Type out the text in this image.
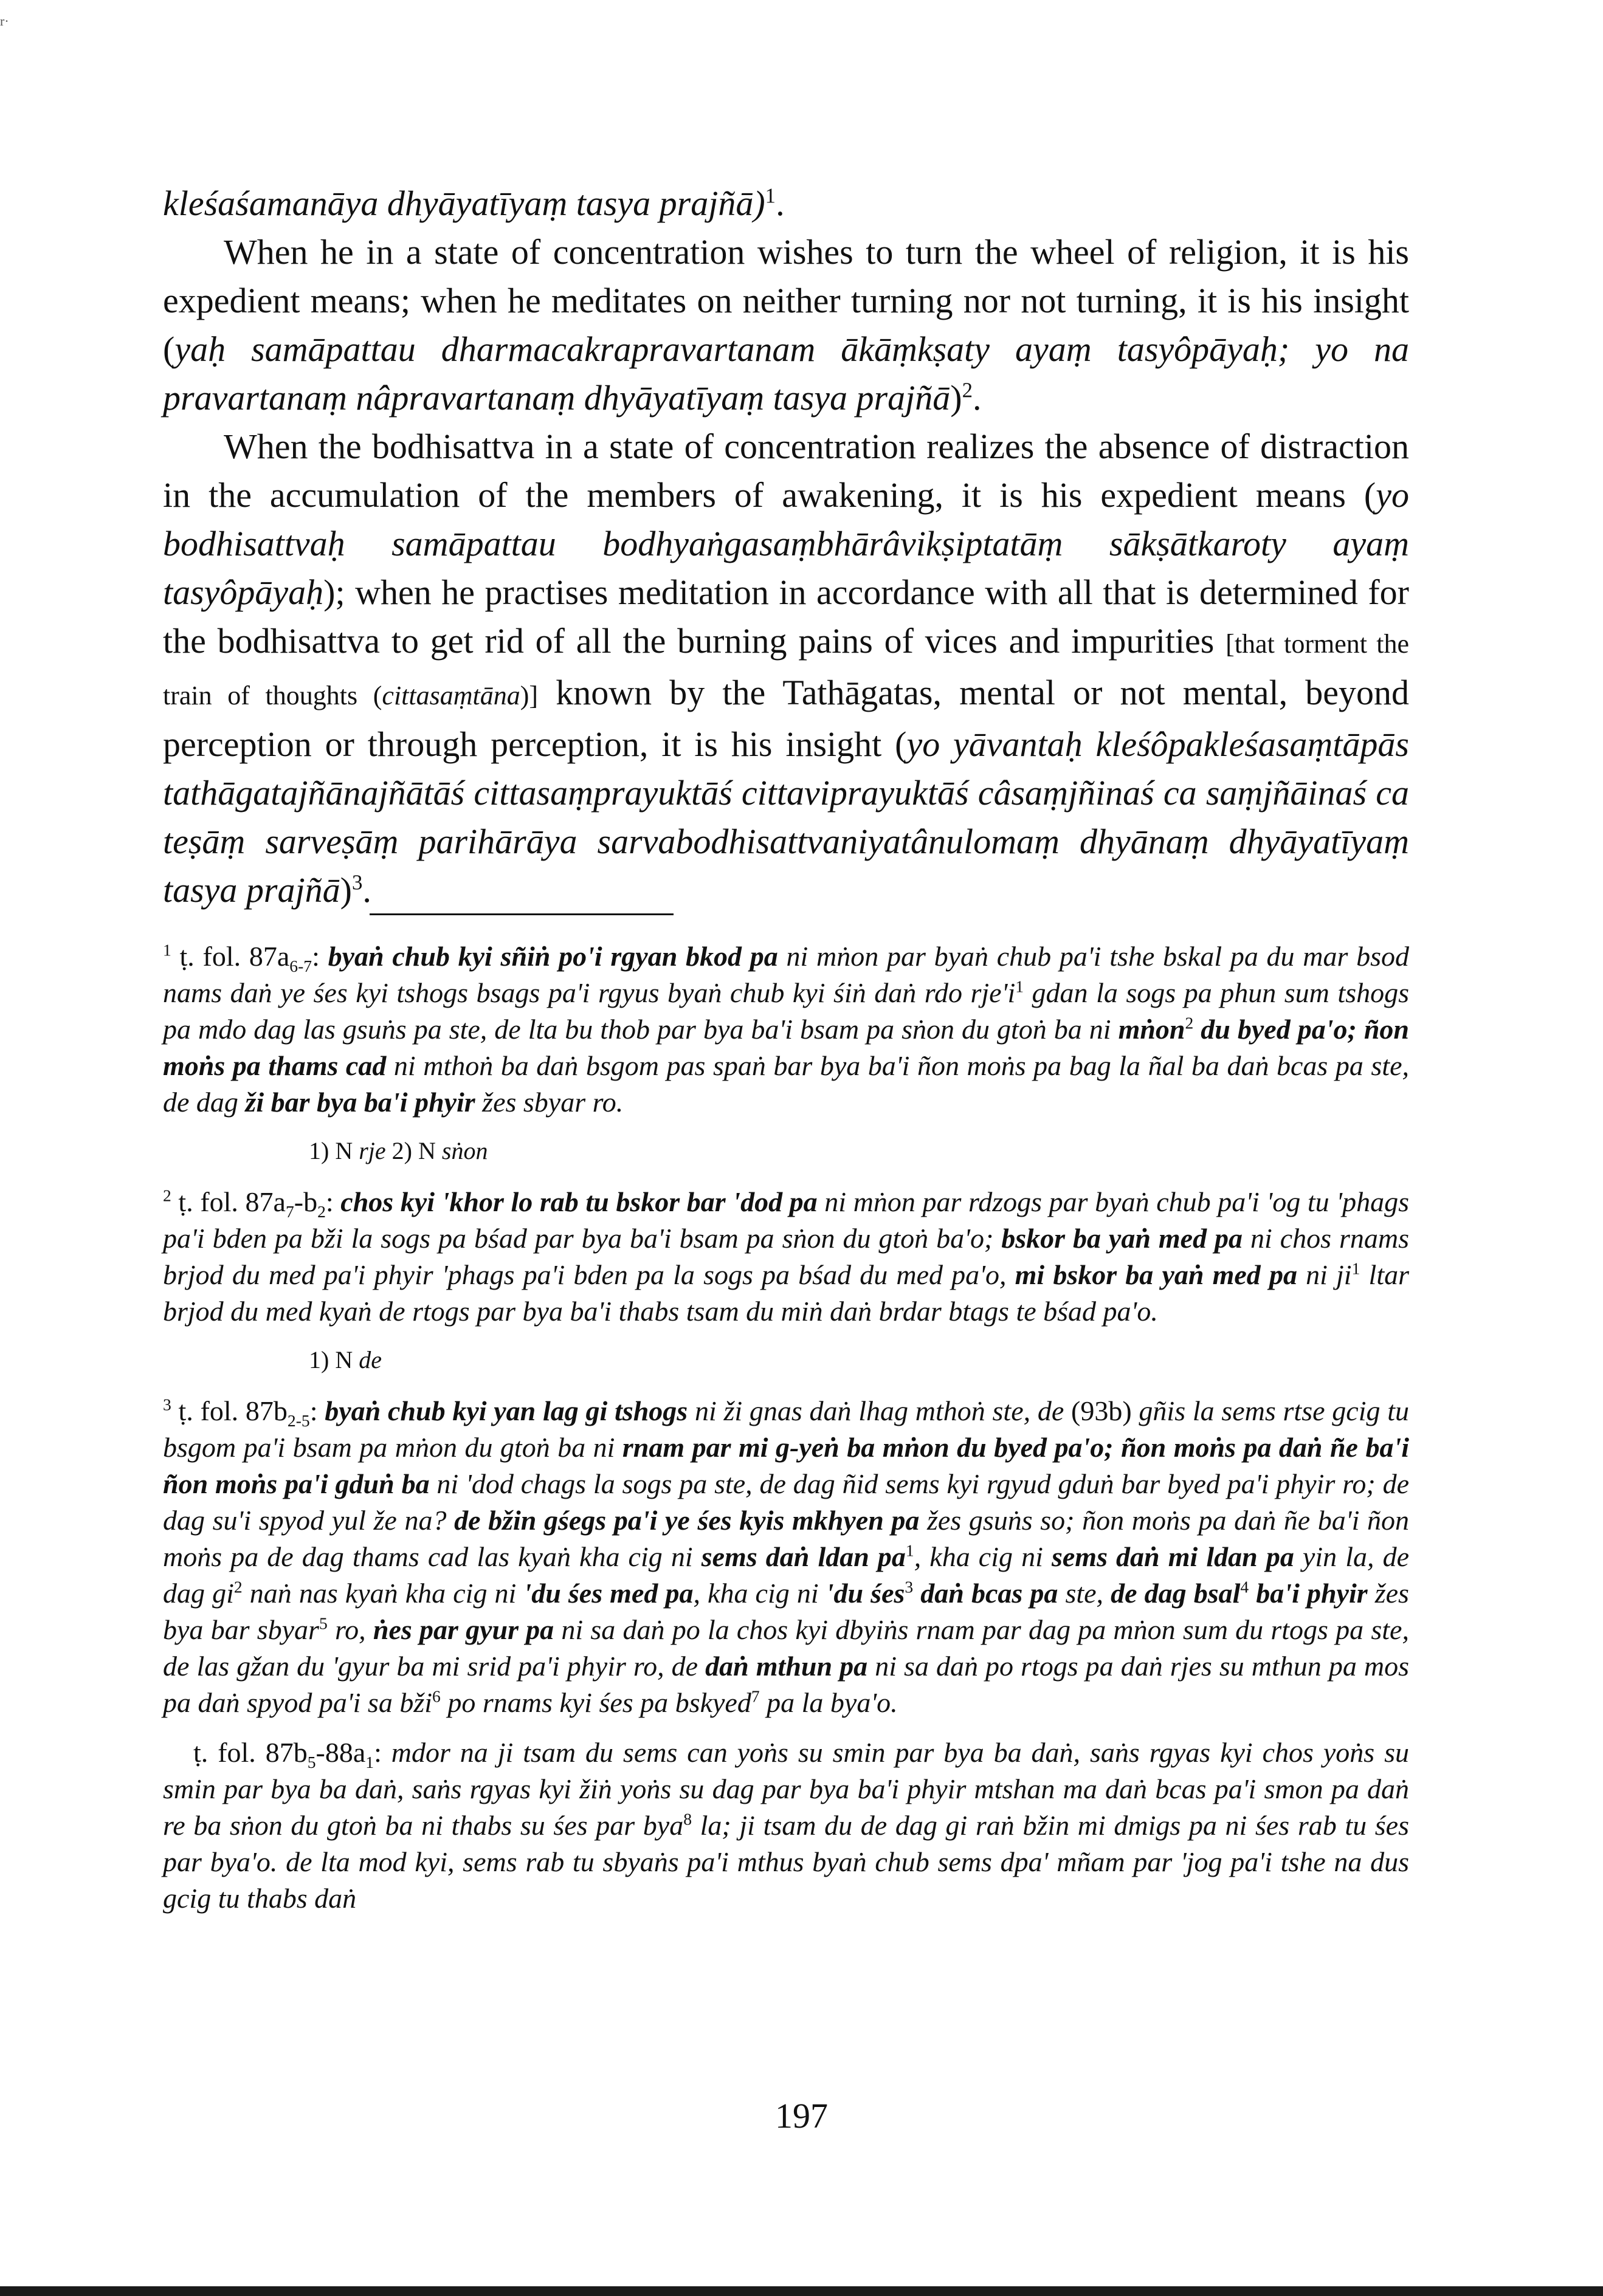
r·

kleśaśamanāya dhyāyatīyaṃ tasya prajñā)$^1$.

When he in a state of concentration wishes to turn the wheel of religion, it is his expedient means; when he meditates on neither turning nor not turning, it is his insight (yaḥ samāpattau dharmacakrapravartanam ākāṃkṣaty ayaṃ tasyôpāyaḥ; yo na pravartanaṃ nâpravartanaṃ dhyāyatīyaṃ tasya prajñā)$^2$.

When the bodhisattva in a state of concentration realizes the absence of distraction in the accumulation of the members of awakening, it is his expedient means (yo bodhisattvaḥ samāpattau bodhyaṅgasaṃbhārâvikṣiptatāṃ sākṣātkaroty ayaṃ tasyôpāyaḥ); when he practises meditation in accordance with all that is determined for the bodhisattva to get rid of all the burning pains of vices and impurities [that torment the train of thoughts (cittasaṃtāna)] known by the Tathāgatas, mental or not mental, beyond perception or through perception, it is his insight (yo yāvantaḥ kleśôpakleśasaṃtāpās tathāgatajñānajñātāś cittasaṃprayuktāś cittaviprayuktāś câsaṃjñinaś ca saṃjñāinaś ca teṣāṃ sarveṣāṃ parihārāya sarvabodhisattvaniyatânulomaṃ dhyānaṃ dhyāyatīyaṃ tasya prajñā)$^3$.

$^1$ ṭ. fol. $87a_{6-7}$: byaṅ chub kyi sñiṅ po'i rgyan bkod pa ni mṅon par byaṅ chub pa'i tshe bskal pa du mar bsod nams daṅ ye śes kyi tshogs bsags pa'i rgyus byaṅ chub kyi śiṅ daṅ rdo $rje'i^1$ gdan la sogs pa phun sum tshogs pa mdo dag las gsuṅs pa ste, de lta bu thob par bya ba'i bsam pa sṅon du gtoṅ ba ni mṅon$^2$ du byed pa'o; ñon moṅs pa thams cad ni mthoṅ ba daṅ bsgom pas spaṅ bar bya ba'i ñon moṅs pa bag la ñal ba daṅ bcas pa ste, de dag ži bar bya ba'i phyir žes sbyar ro.

1) N rje 2) N sṅon

$^2$ ṭ. fol. $87a_7-b_2$: chos kyi 'khor lo rab tu bskor bar 'dod pa ni mṅon par rdzogs par byaṅ chub pa'i 'og tu 'phags pa'i bden pa bži la sogs pa bśad par bya ba'i bsam pa sṅon du gtoṅ ba'o; bskor ba yaṅ med pa ni chos rnams brjod du med pa'i phyir 'phags pa'i bden pa la sogs pa bśad du med pa'o, mi bskor ba yaṅ med pa ni $ji^1$ ltar brjod du med kyaṅ de rtogs par bya ba'i thabs tsam du miṅ daṅ brdar btags te bśad pa'o.

1) N de

$^3$ ṭ. fol. $87b_{2-5}$: byaṅ chub kyi yan lag gi tshogs ni ži gnas daṅ lhag mthoṅ ste, de (93b) gñis la sems rtse gcig tu bsgom pa'i bsam pa mṅon du gtoṅ ba ni rnam par mi g-yeṅ ba mṅon du byed pa'o; ñon moṅs pa daṅ ñe ba'i ñon moṅs pa'i gduṅ ba ni 'dod chags la sogs pa ste, de dag ñid sems kyi rgyud gduṅ bar byed pa'i phyir ro; de dag su'i spyod yul že na? de bžin gśegs pa'i ye śes kyis mkhyen pa žes gsuṅs so; ñon moṅs pa daṅ ñe ba'i ñon moṅs pa de dag thams cad las kyaṅ kha cig ni sems daṅ ldan $pa^1$, kha cig ni sems daṅ mi ldan pa yin la, de dag $gi^2$ naṅ nas kyaṅ kha cig ni 'du śes med pa, kha cig ni 'du śes$^3$ daṅ bcas pa ste, de dag bsal$^4$ ba'i phyir žes bya bar sbyar$^5$ ro, ṅes par gyur pa ni sa daṅ po la chos kyi dbyiṅs rnam par dag pa mṅon sum du rtogs pa ste, de las gžan du 'gyur ba mi srid pa'i phyir ro, de daṅ mthun pa ni sa daṅ po rtogs pa daṅ rjes su mthun pa mos pa daṅ spyod pa'i sa bži$^6$ po rnams kyi śes pa bskyed$^7$ pa la bya'o.

ṭ. fol. $87b_5-88a_1$: mdor na ji tsam du sems can yoṅs su smin par bya ba daṅ, saṅs rgyas kyi chos yoṅs su smin par bya ba daṅ, saṅs rgyas kyi žiṅ yoṅs su dag par bya ba'i phyir mtshan ma daṅ bcas pa'i smon pa daṅ re ba sṅon du gtoṅ ba ni thabs su śes par bya$^8$ la; ji tsam du de dag gi raṅ bžin mi dmigs pa ni śes rab tu śes par bya'o. de lta mod kyi, sems rab tu sbyaṅs pa'i mthus byaṅ chub sems dpa' mñam par 'jog pa'i tshe na dus gcig tu thabs daṅ

197
